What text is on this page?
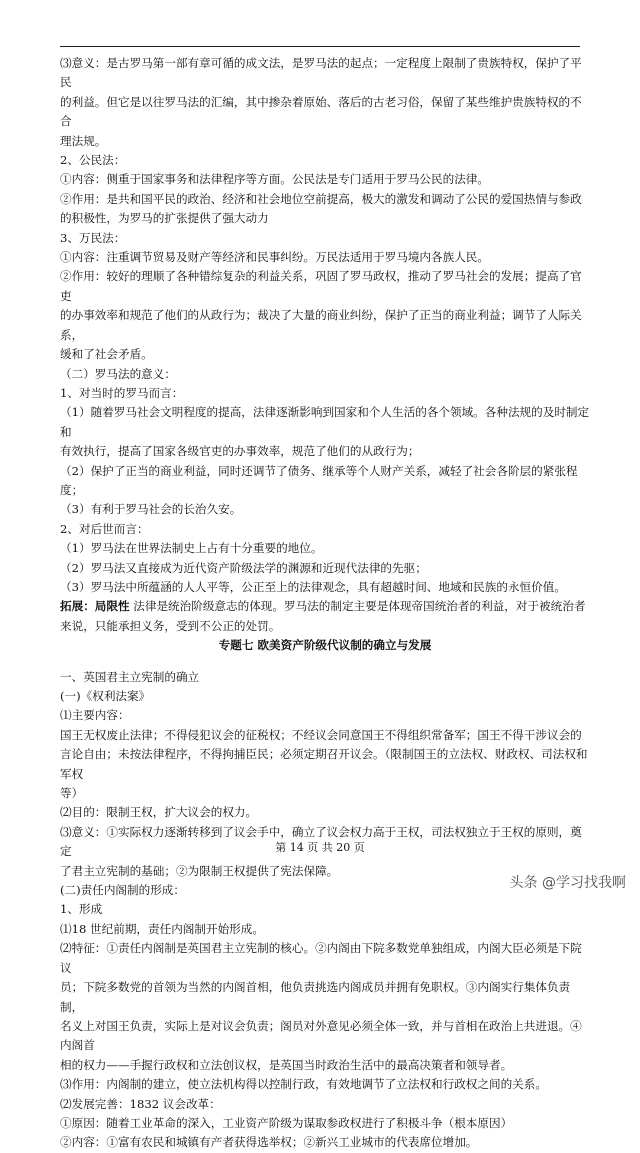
⑶意义：是古罗马第一部有章可循的成文法，是罗马法的起点；一定程度上限制了贵族特权，保护了平民

的利益。但它是以往罗马法的汇编，其中掺杂着原始、落后的古老习俗，保留了某些维护贵族特权的不合

理法规。

2、公民法：

①内容：侧重于国家事务和法律程序等方面。公民法是专门适用于罗马公民的法律。

②作用：是共和国平民的政治、经济和社会地位空前提高，极大的激发和调动了公民的爱国热情与参政

的积极性，为罗马的扩张提供了强大动力

3、万民法：

①内容：注重调节贸易及财产等经济和民事纠纷。万民法适用于罗马境内各族人民。

②作用：较好的理顺了各种错综复杂的利益关系，巩固了罗马政权，推动了罗马社会的发展；提高了官吏

的办事效率和规范了他们的从政行为；裁决了大量的商业纠纷，保护了正当的商业利益；调节了人际关系，

缓和了社会矛盾。

（二）罗马法的意义：

1、对当时的罗马而言：

（1）随着罗马社会文明程度的提高，法律逐渐影响到国家和个人生活的各个领域。各种法规的及时制定和

有效执行，提高了国家各级官吏的办事效率，规范了他们的从政行为；

（2）保护了正当的商业利益，同时还调节了债务、继承等个人财产关系，减轻了社会各阶层的紧张程度；

（3）有利于罗马社会的长治久安。

2、对后世而言：

（1）罗马法在世界法制史上占有十分重要的地位。

（2）罗马法又直接成为近代资产阶级法学的渊源和近现代法律的先驱；

（3）罗马法中所蕴涵的人人平等，公正至上的法律观念，具有超越时间、地域和民族的永恒价值。

拓展：局限性 法律是统治阶级意志的体现。罗马法的制定主要是体现帝国统治者的利益，对于被统治者

来说，只能承担义务，受到不公正的处罚。

专题七 欧美资产阶级代议制的确立与发展

一、英国君主立宪制的确立

(一)《权利法案》

⑴主要内容：

国王无权废止法律；不得侵犯议会的征税权；不经议会同意国王不得组织常备军；国王不得干涉议会的

言论自由；未按法律程序，不得拘捕臣民；必须定期召开议会。（限制国王的立法权、财政权、司法权和军权

等）

⑵目的：限制王权，扩大议会的权力。

⑶意义：①实际权力逐渐转移到了议会手中，确立了议会权力高于王权，司法权独立于王权的原则，奠定

了君主立宪制的基础；②为限制王权提供了宪法保障。

(二)责任内阁制的形成：

1、形成

⑴18 世纪前期，责任内阁制开始形成。

⑵特征：①责任内阁制是英国君主立宪制的核心。②内阁由下院多数党单独组成，内阁大臣必须是下院议

员；下院多数党的首领为当然的内阁首相，他负责挑选内阁成员并拥有免职权。③内阁实行集体负责制，

名义上对国王负责，实际上是对议会负责；阁员对外意见必须全体一致，并与首相在政治上共进退。④内阁首

相的权力——手握行政权和立法创议权，是英国当时政治生活中的最高决策者和领导者。

⑶作用：内阁制的建立，使立法机构得以控制行政，有效地调节了立法权和行政权之间的关系。

⑵发展完善：1832 议会改革：

①原因：随着工业革命的深入，工业资产阶级为谋取参政权进行了积极斗争（根本原因）

②内容：①富有农民和城镇有产者获得选举权；②新兴工业城市的代表席位增加。

第 14 页 共 20 页
头条 @学习找我啊
